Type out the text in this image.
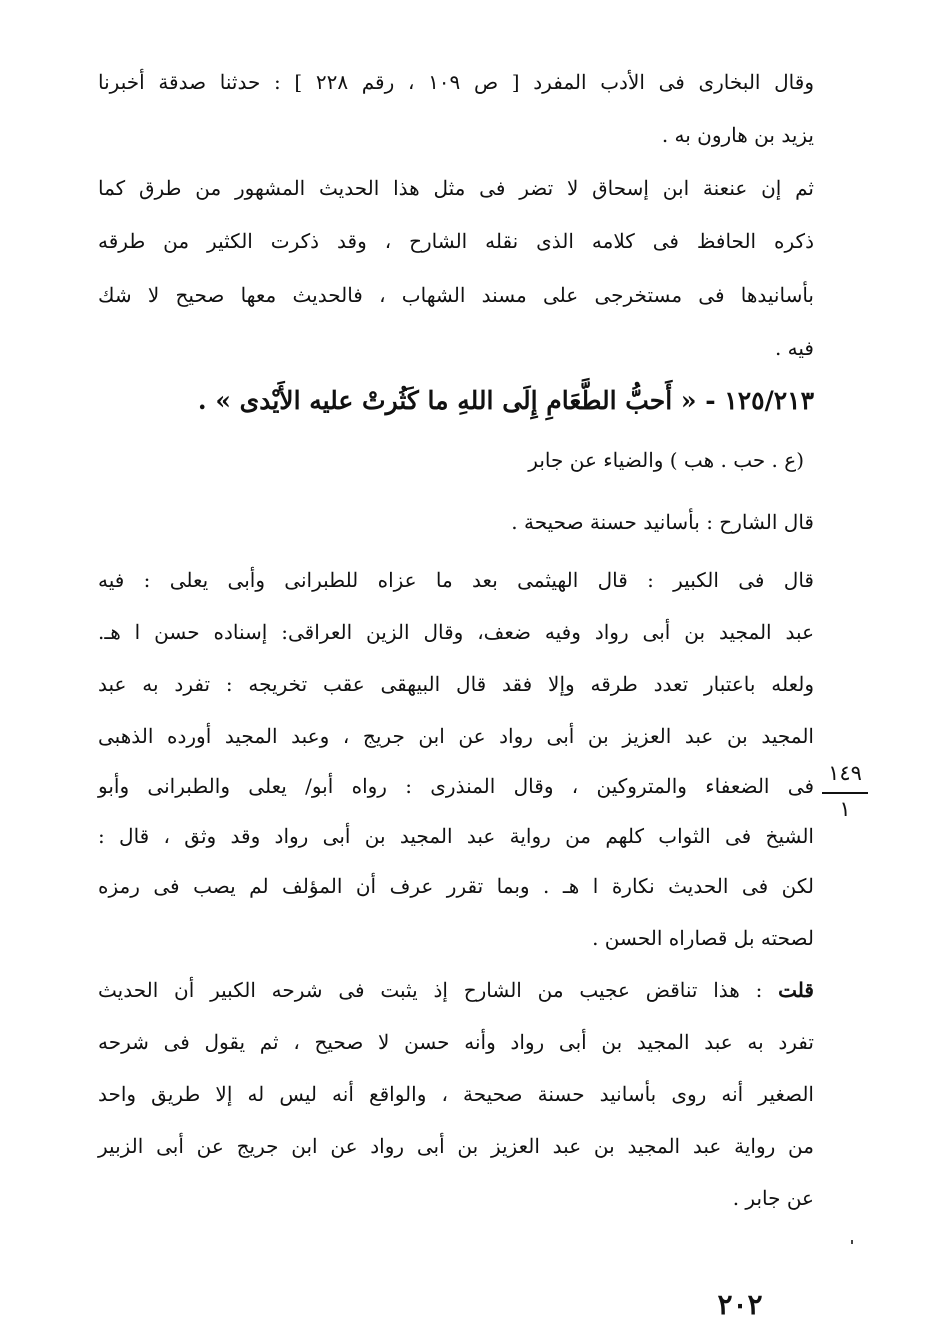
وقال البخارى فى الأدب المفرد [ ص ١٠٩ ، رقم ٢٢٨ ] : حدثنا صدقة أخبرنا
يزيد بن هارون به .
ثم إن عنعنة ابن إسحاق لا تضر فى مثل هذا الحديث المشهور من طرق كما
ذكره الحافظ فى كلامه الذى نقله الشارح ، وقد ذكرت الكثير من طرقه
بأسانيدها فى مستخرجى على مسند الشهاب ، فالحديث معها صحيح لا شك
فيه .
١٢٥/٢١٣ - « أَحبُّ الطَّعَامِ إِلَى اللهِ ما كَثُرتْ عليه الأَيْدى » .
(ع . حب . هب ) والضياء عن جابر
قال الشارح : بأسانيد حسنة صحيحة .
قال فى الكبير : قال الهيثمى بعد ما عزاه للطبرانى وأبى يعلى : فيه
عبد المجيد بن أبى رواد وفيه ضعف، وقال الزين العراقى: إسناده حسن ا هـ.
ولعله باعتبار تعدد طرقه وإلا فقد قال البيهقى عقب تخريجه : تفرد به عبد
المجيد بن عبد العزيز بن أبى رواد عن ابن جريج ، وعبد المجيد أورده الذهبى
فى الضعفاء والمتروكين ، وقال المنذرى : رواه أبو/ يعلى والطبرانى وأبو
الشيخ فى الثواب كلهم من رواية عبد المجيد بن أبى رواد وقد وثق ، قال :
لكن فى الحديث نكارة ا هـ . وبما تقرر عرف أن المؤلف لم يصب فى رمزه
لصحته بل قصاراه الحسن .
قلت : هذا تناقض عجيب من الشارح إذ يثبت فى شرحه الكبير أن الحديث
تفرد به عبد المجيد بن أبى رواد وأنه حسن لا صحيح ، ثم يقول فى شرحه
الصغير أنه روى بأسانيد حسنة صحيحة ، والواقع أنه ليس له إلا طريق واحد
من رواية عبد المجيد بن عبد العزيز بن أبى رواد عن ابن جريج عن أبى الزبير
عن جابر .
١٤٩
١
٢٠٢
